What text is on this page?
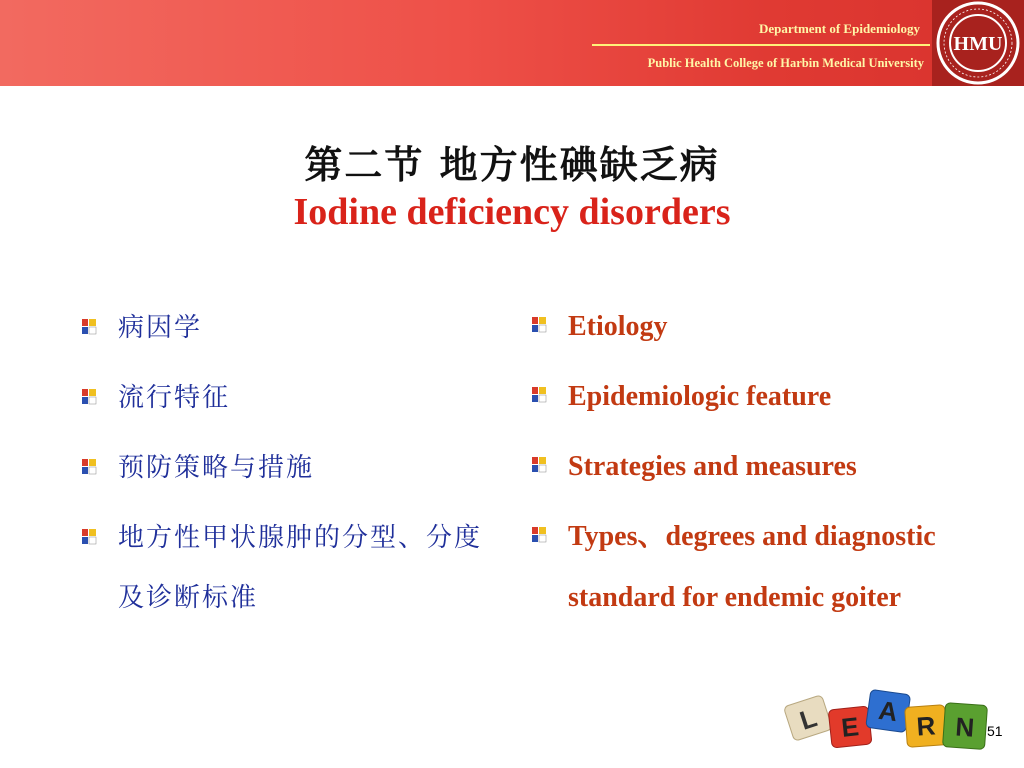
Department of Epidemiology
Public Health College of Harbin Medical University
HMU
第二节 地方性碘缺乏病
Iodine deficiency disorders
病因学
流行特征
预防策略与措施
地方性甲状腺肿的分型、分度及诊断标准
Etiology
Epidemiologic feature
Strategies and measures
Types、degrees and diagnostic standard for endemic goiter
L E A R N 51
